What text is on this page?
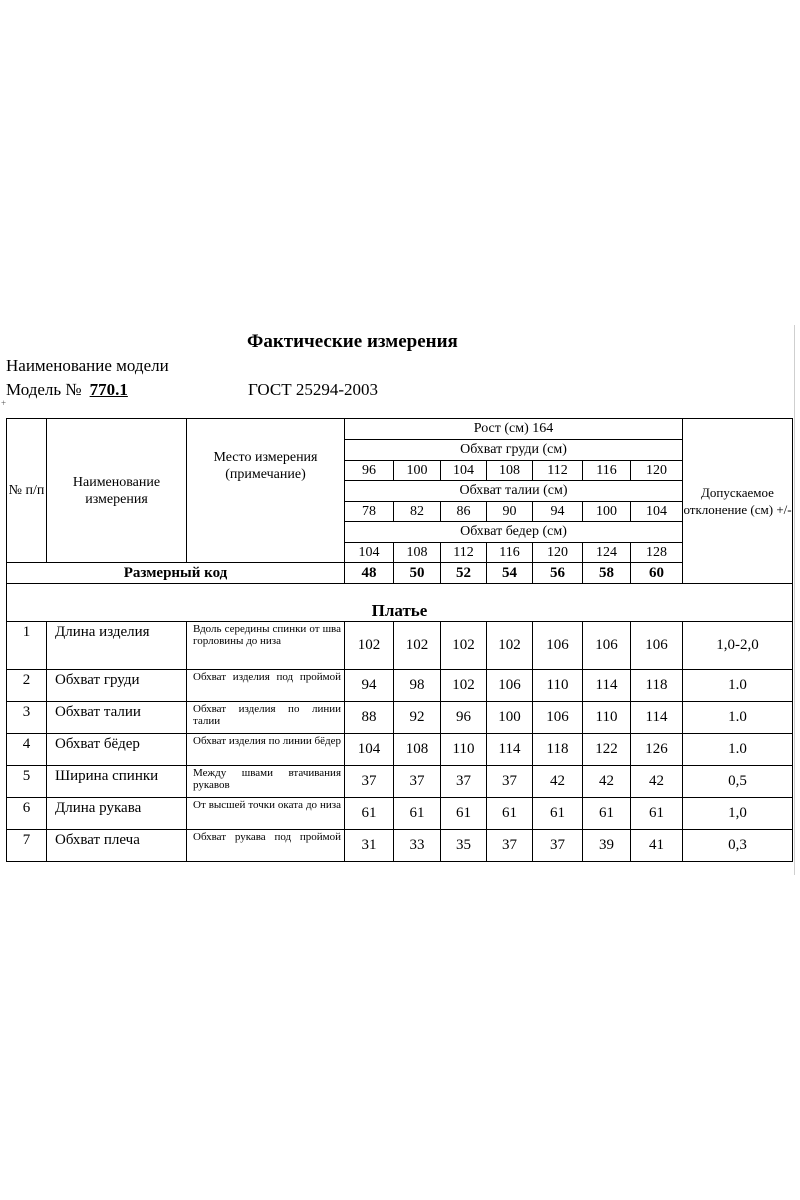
Фактические измерения
Наименование модели
Модель № 770.1	ГОСТ 25294-2003
+
№ п/п	Наименование измерения	Место измерения (примечание)	Рост (см) 164							Допускаемое отклонение (см) +/-
			Обхват груди (см)							
			96	100	104	108	112	116	120	
			Обхват талии (см)							
			78	82	86	90	94	100	104	
			Обхват бедер (см)							
			104	108	112	116	120	124	128	
Размерный код			48	50	52	54	56	58	60	
Платье										
1	Длина изделия	Вдоль середины спинки от шва горловины до низа	102	102	102	102	106	106	106	1,0-2,0
2	Обхват груди	Обхват изделия под проймой	94	98	102	106	110	114	118	1.0
3	Обхват талии	Обхват изделия по линии талии	88	92	96	100	106	110	114	1.0
4	Обхват бёдер	Обхват изделия по линии бёдер	104	108	110	114	118	122	126	1.0
5	Ширина спинки	Между швами втачивания рукавов	37	37	37	37	42	42	42	0,5
6	Длина рукава	От высшей точки оката до низа	61	61	61	61	61	61	61	1,0
7	Обхват плеча	Обхват рукава под проймой	31	33	35	37	37	39	41	0,3
